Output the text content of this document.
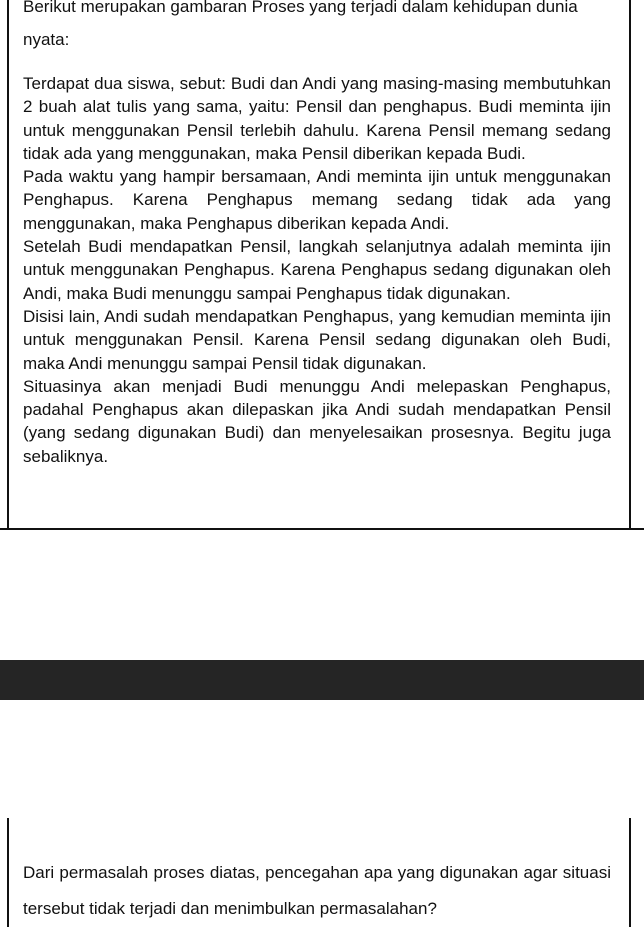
Berikut merupakan gambaran Proses yang terjadi dalam kehidupan dunia nyata:

Terdapat dua siswa, sebut: Budi dan Andi yang masing-masing membutuhkan 2 buah alat tulis yang sama, yaitu: Pensil dan penghapus. Budi meminta ijin untuk menggunakan Pensil terlebih dahulu. Karena Pensil memang sedang tidak ada yang menggunakan, maka Pensil diberikan kepada Budi.

Pada waktu yang hampir bersamaan, Andi meminta ijin untuk menggunakan Penghapus. Karena Penghapus memang sedang tidak ada yang menggunakan, maka Penghapus diberikan kepada Andi.

Setelah Budi mendapatkan Pensil, langkah selanjutnya adalah meminta ijin untuk menggunakan Penghapus. Karena Penghapus sedang digunakan oleh Andi, maka Budi menunggu sampai Penghapus tidak digunakan.

Disisi lain, Andi sudah mendapatkan Penghapus, yang kemudian meminta ijin untuk menggunakan Pensil. Karena Pensil sedang digunakan oleh Budi, maka Andi menunggu sampai Pensil tidak digunakan.

Situasinya akan menjadi Budi menunggu Andi melepaskan Penghapus, padahal Penghapus akan dilepaskan jika Andi sudah mendapatkan Pensil (yang sedang digunakan Budi) dan menyelesaikan prosesnya. Begitu juga sebaliknya.

Dari permasalah proses diatas, pencegahan apa yang digunakan agar situasi tersebut tidak terjadi dan menimbulkan permasalahan?
